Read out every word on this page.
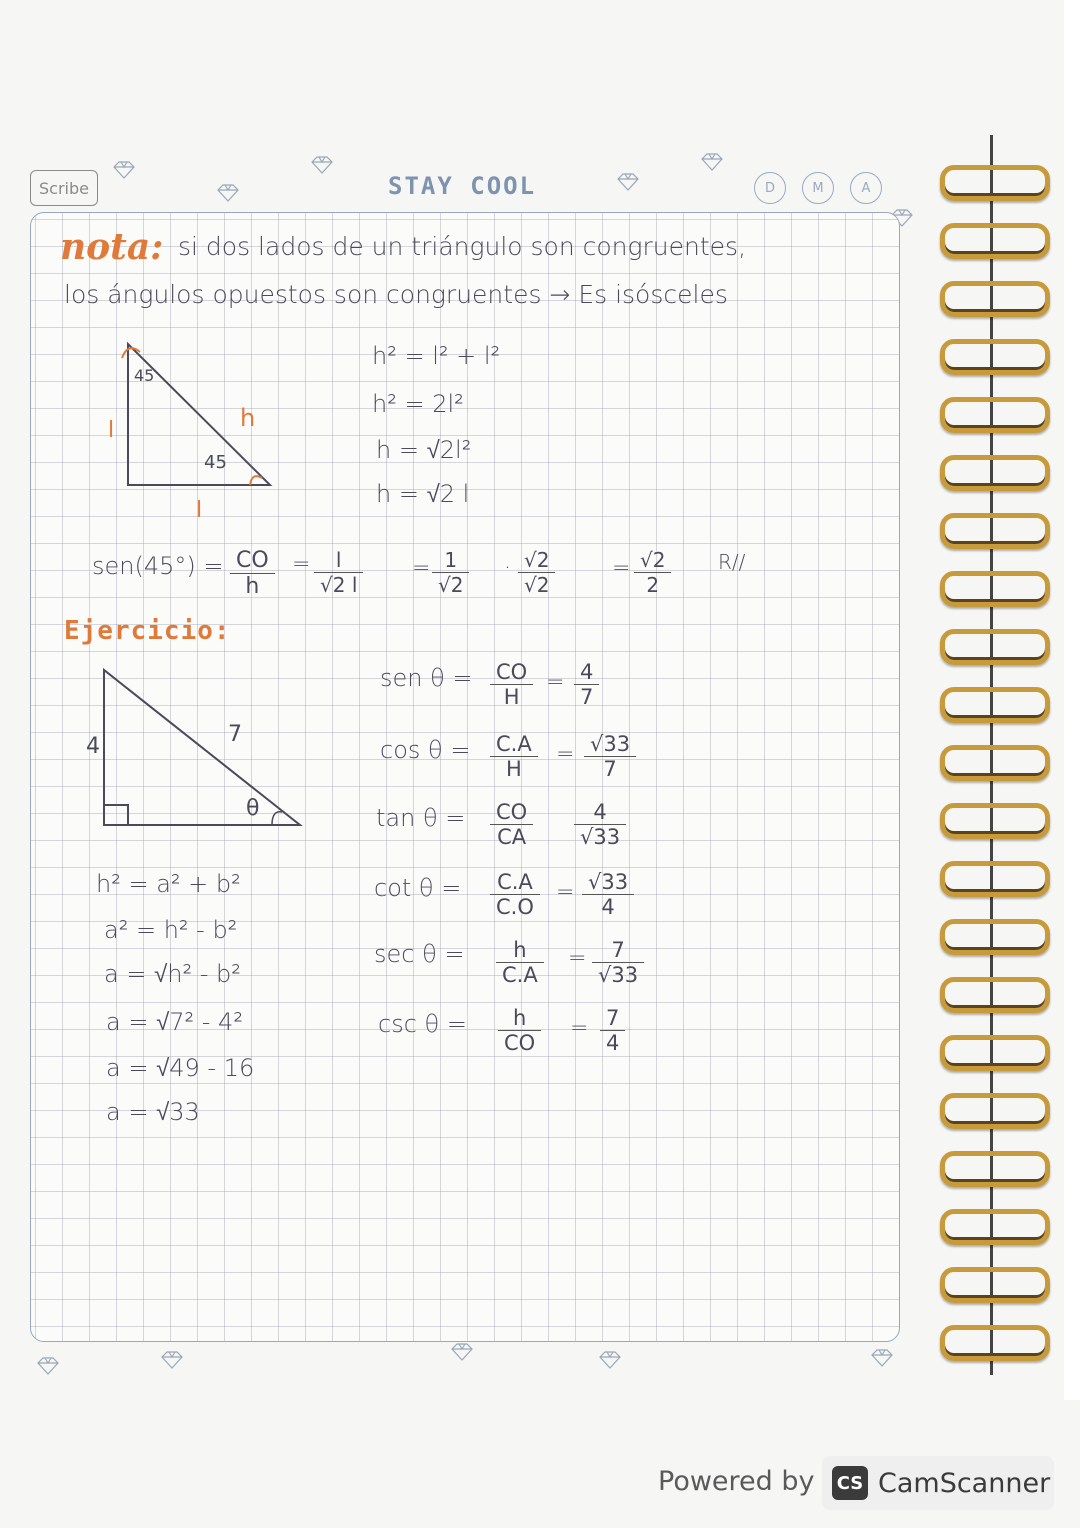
Scribe	STAY COOL	D	M	A
nota: si dos lados de un triángulo son congruentes,
los ángulos opuestos son congruentes → Es isósceles
45
45
l
l
h
h² = l² + l²
h² = 2l²
h = √2l²
h = √2 l
$sen(45^\circ) = \frac{CO}{h} = \frac{l}{√2 l} = \frac{1}{√2} \cdot \frac{√2}{√2}$	= $\frac{√2}{2} R//$
Ejercicio:
4	7
θ
h² = a² + b²
a² = h² - b²
a = √h² - b²
a = √7² - 4²
a = √49 - 16
a = √33
sen $\theta = \frac{CO}{H} = \frac{4}{7}$
$\cos \theta = \frac{C.A}{H} = \frac{√33}{7}$
$\tan \theta = \frac{CO}{CA} \frac{4}{√33}$
$\cot \theta = \frac{C.A}{C.O} = \frac{√33}{4}$
$\sec \theta = \frac{h}{C.A} = \frac{7}{√33}$
$\csc \theta = \frac{h}{CO} = \frac{7}{4}$
Powered by CS CamScanner
